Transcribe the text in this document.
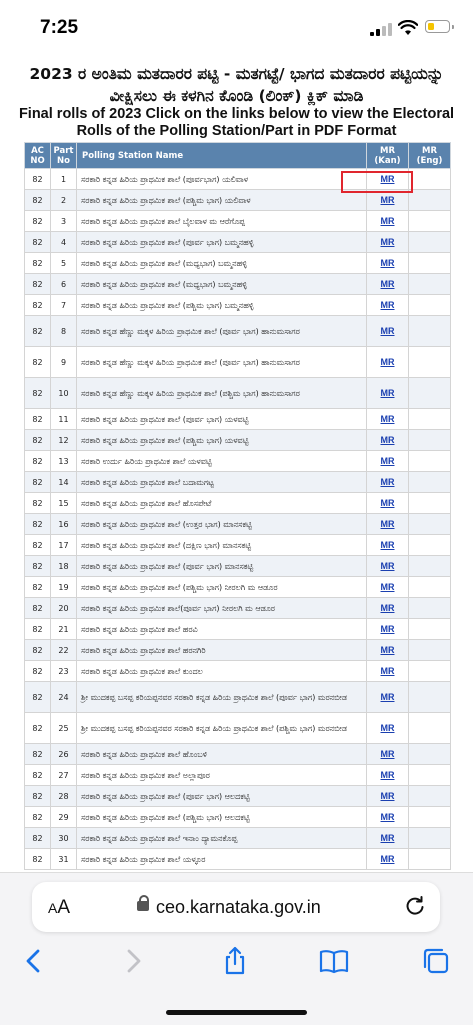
7:25
2023 ರ ಅಂತಿಮ ಮತದಾರರ ಪಟ್ಟಿ - ಮತಗಟ್ಟೆ/ ಭಾಗದ ಮತದಾರರ ಪಟ್ಟಿಯನ್ನು ವೀಕ್ಷಿಸಲು ಈ ಕಳಗಿನ ಕೊಂಡಿ (ಲಿಂಕ್) ಕ್ಲಿಕ್ ಮಾಡಿ
Final rolls of 2023 Click on the links below to view the Electoral Rolls of the Polling Station/Part in PDF Format
AC NO	Part No	Polling Station Name	MR (Kan)	MR (Eng)
82	1	ಸರಕಾರಿ ಕನ್ನಡ ಹಿರಿಯ ಪ್ರಾಥಮಿಕ ಶಾಲೆ (ಪೂರ್ವಭಾಗ) ಯಲಿವಾಳ	MR	
82	2	ಸರಕಾರಿ ಕನ್ನಡ ಹಿರಿಯ ಪ್ರಾಥಮಿಕ ಶಾಲೆ (ಪಶ್ಚಿಮ ಭಾಗ) ಯಲಿವಾಳ	MR	
82	3	ಸರಕಾರಿ ಕನ್ನಡ ಹಿರಿಯ ಪ್ರಾಥಮಿಕ ಶಾಲೆ ಬೈಲವಾಳ ಮ ಆರೆಗೊಪ್ಪ	MR	
82	4	ಸರಕಾರಿ ಕನ್ನಡ ಹಿರಿಯ ಪ್ರಾಥಮಿಕ ಶಾಲೆ (ಪೂರ್ವ ಭಾಗ) ಬಮ್ಮನಹಳ್ಳಿ	MR	
82	5	ಸರಕಾರಿ ಕನ್ನಡ ಹಿರಿಯ ಪ್ರಾಥಮಿಕ ಶಾಲೆ (ಮಧ್ಯಭಾಗ) ಬಮ್ಮನಹಳ್ಳಿ	MR	
82	6	ಸರಕಾರಿ ಕನ್ನಡ ಹಿರಿಯ ಪ್ರಾಥಮಿಕ ಶಾಲೆ (ಮಧ್ಯಭಾಗ) ಬಮ್ಮನಹಳ್ಳಿ	MR	
82	7	ಸರಕಾರಿ ಕನ್ನಡ ಹಿರಿಯ ಪ್ರಾಥಮಿಕ ಶಾಲೆ (ಪಶ್ಚಿಮ ಭಾಗ) ಬಮ್ಮನಹಳ್ಳಿ	MR	
82	8	ಸರಕಾರಿ ಕನ್ನಡ ಹೆಣ್ಣು ಮಕ್ಕಳ ಹಿರಿಯ ಪ್ರಾಥಮಿಕ ಶಾಲೆ (ಪೂರ್ವ ಭಾಗ) ಹಾನುಮಸಾಗರ	MR	
82	9	ಸರಕಾರಿ ಕನ್ನಡ ಹೆಣ್ಣು ಮಕ್ಕಳ ಹಿರಿಯ ಪ್ರಾಥಮಿಕ ಶಾಲೆ (ಪೂರ್ವ ಭಾಗ) ಹಾನುಮಸಾಗರ	MR	
82	10	ಸರಕಾರಿ ಕನ್ನಡ ಹೆಣ್ಣು ಮಕ್ಕಳ ಹಿರಿಯ ಪ್ರಾಥಮಿಕ ಶಾಲೆ (ಪಶ್ಚಿಮ ಭಾಗ) ಹಾನುಮಸಾಗರ	MR	
82	11	ಸರಕಾರಿ ಕನ್ನಡ ಹಿರಿಯ ಪ್ರಾಥಮಿಕ ಶಾಲೆ (ಪೂರ್ವ ಭಾಗ) ಯಳವಟ್ಟಿ	MR	
82	12	ಸರಕಾರಿ ಕನ್ನಡ ಹಿರಿಯ ಪ್ರಾಥಮಿಕ ಶಾಲೆ (ಪಶ್ಚಿಮ ಭಾಗ) ಯಳವಟ್ಟಿ	MR	
82	13	ಸರಕಾರಿ ಉರ್ದು ಹಿರಿಯ ಪ್ರಾಥಮಿಕ ಶಾಲೆ ಯಳವಟ್ಟಿ	MR	
82	14	ಸರಕಾರಿ ಕನ್ನಡ ಹಿರಿಯ ಪ್ರಾಥಮಿಕ ಶಾಲೆ ಬದಾಮಗಟ್ಟ	MR	
82	15	ಸರಕಾರಿ ಕನ್ನಡ ಹಿರಿಯ ಪ್ರಾಥಮಿಕ ಶಾಲೆ ಹೊಸಪೇಟೆ	MR	
82	16	ಸರಕಾರಿ ಕನ್ನಡ ಹಿರಿಯ ಪ್ರಾಥಮಿಕ ಶಾಲೆ (ಉತ್ತರ ಭಾಗ) ಮಾನಸಕಟ್ಟಿ	MR	
82	17	ಸರಕಾರಿ ಕನ್ನಡ ಹಿರಿಯ ಪ್ರಾಥಮಿಕ ಶಾಲೆ (ದಕ್ಷಿಣ ಭಾಗ) ಮಾನಸಕಟ್ಟಿ	MR	
82	18	ಸರಕಾರಿ ಕನ್ನಡ ಹಿರಿಯ ಪ್ರಾಥಮಿಕ ಶಾಲೆ (ಪೂರ್ವ ಭಾಗ) ಮಾನಸಕಟ್ಟಿ	MR	
82	19	ಸರಕಾರಿ ಕನ್ನಡ ಹಿರಿಯ ಪ್ರಾಥಮಿಕ ಶಾಲೆ (ಪಶ್ಚಿಮ ಭಾಗ) ನೀರಲಗಿ ಮ ಆಡೂರ	MR	
82	20	ಸರಕಾರಿ ಕನ್ನಡ ಹಿರಿಯ ಪ್ರಾಥಮಿಕ ಶಾಲೆ(ಪೂರ್ವ ಭಾಗ) ನೀರಲಗಿ ಮ ಆಡೂರ	MR	
82	21	ಸರಕಾರಿ ಕನ್ನಡ ಹಿರಿಯ ಪ್ರಾಥಮಿಕ ಶಾಲೆ ಹರವಿ	MR	
82	22	ಸರಕಾರಿ ಕನ್ನಡ ಹಿರಿಯ ಪ್ರಾಥಮಿಕ ಶಾಲೆ ಹರನಗಿರಿ	MR	
82	23	ಸರಕಾರಿ ಕನ್ನಡ ಹಿರಿಯ ಪ್ರಾಥಮಿಕ ಶಾಲೆ ಕುಂದಲ	MR	
82	24	ಶ್ರೀ ಮುದಕಪ್ಪ ಬಸಪ್ಪ ಕರಿಯಪ್ಪನವರ ಸರಕಾರಿ ಕನ್ನಡ ಹಿರಿಯ ಪ್ರಾಥಮಿಕ ಶಾಲೆ (ಪೂರ್ವ ಭಾಗ) ಮರನಬೀಡ	MR	
82	25	ಶ್ರೀ ಮುದಕಪ್ಪ ಬಸಪ್ಪ ಕರಿಯಪ್ಪನವರ ಸರಕಾರಿ ಕನ್ನಡ ಹಿರಿಯ ಪ್ರಾಥಮಿಕ ಶಾಲೆ (ಪಶ್ಚಿಮ ಭಾಗ) ಮರನಬೀಡ	MR	
82	26	ಸರಕಾರಿ ಕನ್ನಡ ಹಿರಿಯ ಪ್ರಾಥಮಿಕ ಶಾಲೆ ಹೊಂಬಳಿ	MR	
82	27	ಸರಕಾರಿ ಕನ್ನಡ ಹಿರಿಯ ಪ್ರಾಥಮಿಕ ಶಾಲೆ ಅಲ್ಲಾಪೂರ	MR	
82	28	ಸರಕಾರಿ ಕನ್ನಡ ಹಿರಿಯ ಪ್ರಾಥಮಿಕ ಶಾಲೆ (ಪೂರ್ವ ಭಾಗ) ಆಲದಕಟ್ಟಿ	MR	
82	29	ಸರಕಾರಿ ಕನ್ನಡ ಹಿರಿಯ ಪ್ರಾಥಮಿಕ ಶಾಲೆ (ಪಶ್ಚಿಮ ಭಾಗ) ಆಲದಕಟ್ಟಿ	MR	
82	30	ಸರಕಾರಿ ಕನ್ನಡ ಹಿರಿಯ ಪ್ರಾಥಮಿಕ ಶಾಲೆ ಇನಾಂ ದ್ಯಾಮನಕೊಪ್ಪ	MR	
82	31	ಸರಕಾರಿ ಕನ್ನಡ ಹಿರಿಯ ಪ್ರಾಥಮಿಕ ಶಾಲೆ ಯಳ್ಳೂರ	MR	
AA	ceo.karnataka.gov.in
